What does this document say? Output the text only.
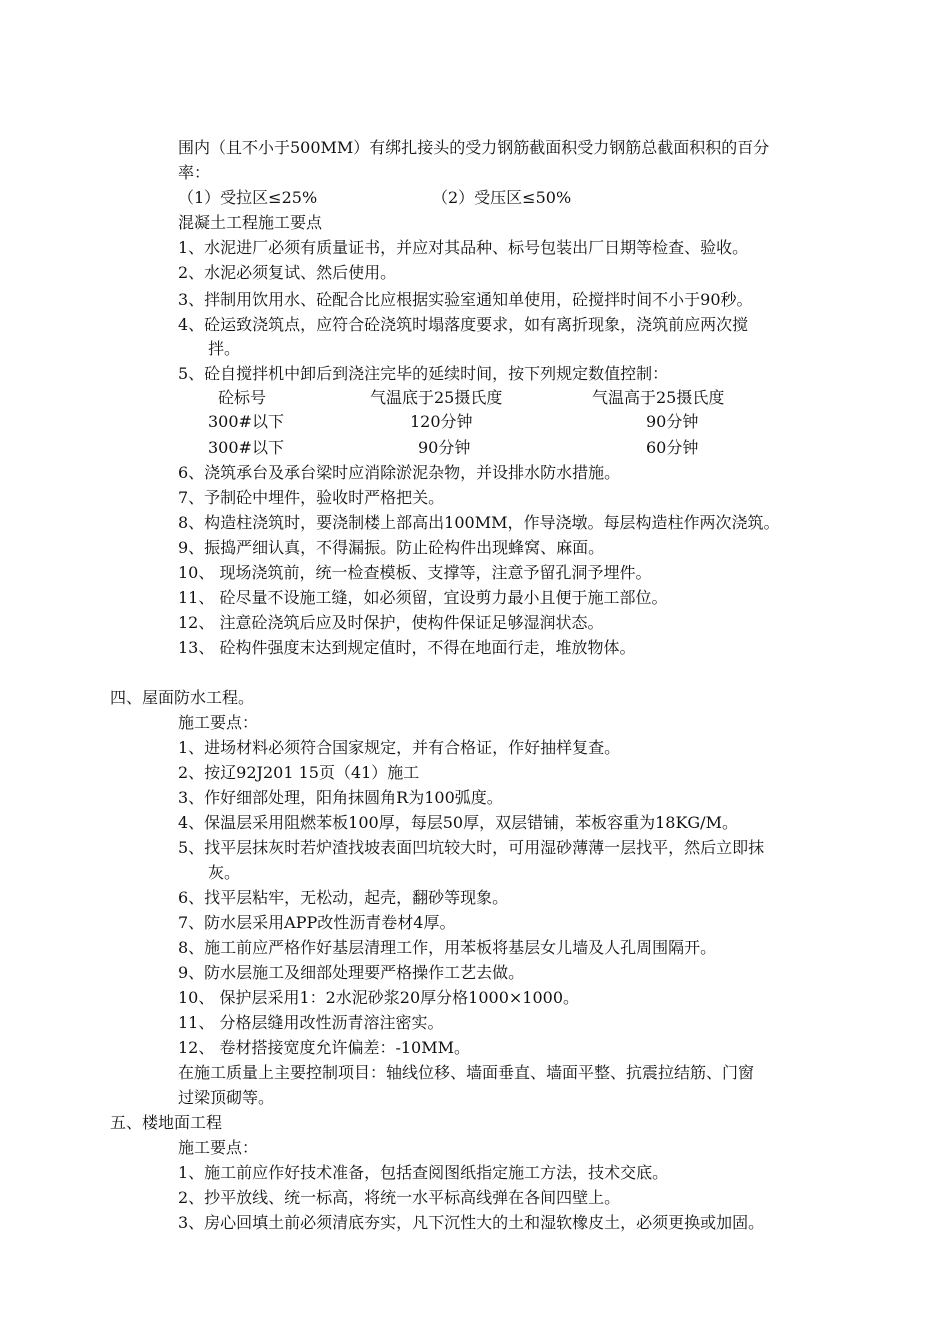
围内（且不小于500MM）有绑扎接头的受力钢筋截面积受力钢筋总截面积积的百分
率：
（1）受拉区≤25%	（2）受压区≤50%
混凝土工程施工要点
1、水泥进厂必须有质量证书，并应对其品种、标号包装出厂日期等检查、验收。
2、水泥必须复试、然后使用。
3、拌制用饮用水、砼配合比应根据实验室通知单使用，砼搅拌时间不小于90秒。
4、砼运致浇筑点，应符合砼浇筑时塌落度要求，如有离折现象，浇筑前应两次搅
拌。
5、砼自搅拌机中卸后到浇注完毕的延续时间，按下列规定数值控制：
砼标号	气温底于25摄氏度	气温高于25摄氏度
300#以下	120分钟	90分钟
300#以下	90分钟	60分钟
6、浇筑承台及承台梁时应消除淤泥杂物，并设排水防水措施。
7、予制砼中埋件，验收时严格把关。
8、构造柱浇筑时，要浇制楼上部高出100MM，作导浇墩。每层构造柱作两次浇筑。
9、振捣严细认真，不得漏振。防止砼构件出现蜂窝、麻面。
10、 现场浇筑前，统一检查模板、支撑等，注意予留孔洞予埋件。
11、 砼尽量不设施工缝，如必须留，宜设剪力最小且便于施工部位。
12、 注意砼浇筑后应及时保护，使构件保证足够湿润状态。
13、 砼构件强度末达到规定值时，不得在地面行走，堆放物体。
四、屋面防水工程。
施工要点：
1、进场材料必须符合国家规定，并有合格证，作好抽样复查。
2、按辽92J201 15页（41）施工
3、作好细部处理，阳角抹圆角R为100弧度。
4、保温层采用阻燃苯板100厚，每层50厚，双层错铺，苯板容重为18KG/M。
5、找平层抹灰时若炉渣找坡表面凹坑较大时，可用湿砂薄薄一层找平，然后立即抹
灰。
6、找平层粘牢，无松动，起壳，翻砂等现象。
7、防水层采用APP改性沥青卷材4厚。
8、施工前应严格作好基层清理工作，用苯板将基层女儿墙及人孔周围隔开。
9、防水层施工及细部处理要严格操作工艺去做。
10、 保护层采用1：2水泥砂浆20厚分格1000×1000。
11、 分格层缝用改性沥青溶注密实。
12、 卷材搭接宽度允许偏差：-10MM。
在施工质量上主要控制项目：轴线位移、墙面垂直、墙面平整、抗震拉结筋、门窗
过梁顶砌等。
五、楼地面工程
施工要点：
1、施工前应作好技术准备，包括查阅图纸指定施工方法，技术交底。
2、抄平放线、统一标高，将统一水平标高线弹在各间四壁上。
3、房心回填土前必须清底夯实，凡下沉性大的土和湿软橡皮土，必须更换或加固。
